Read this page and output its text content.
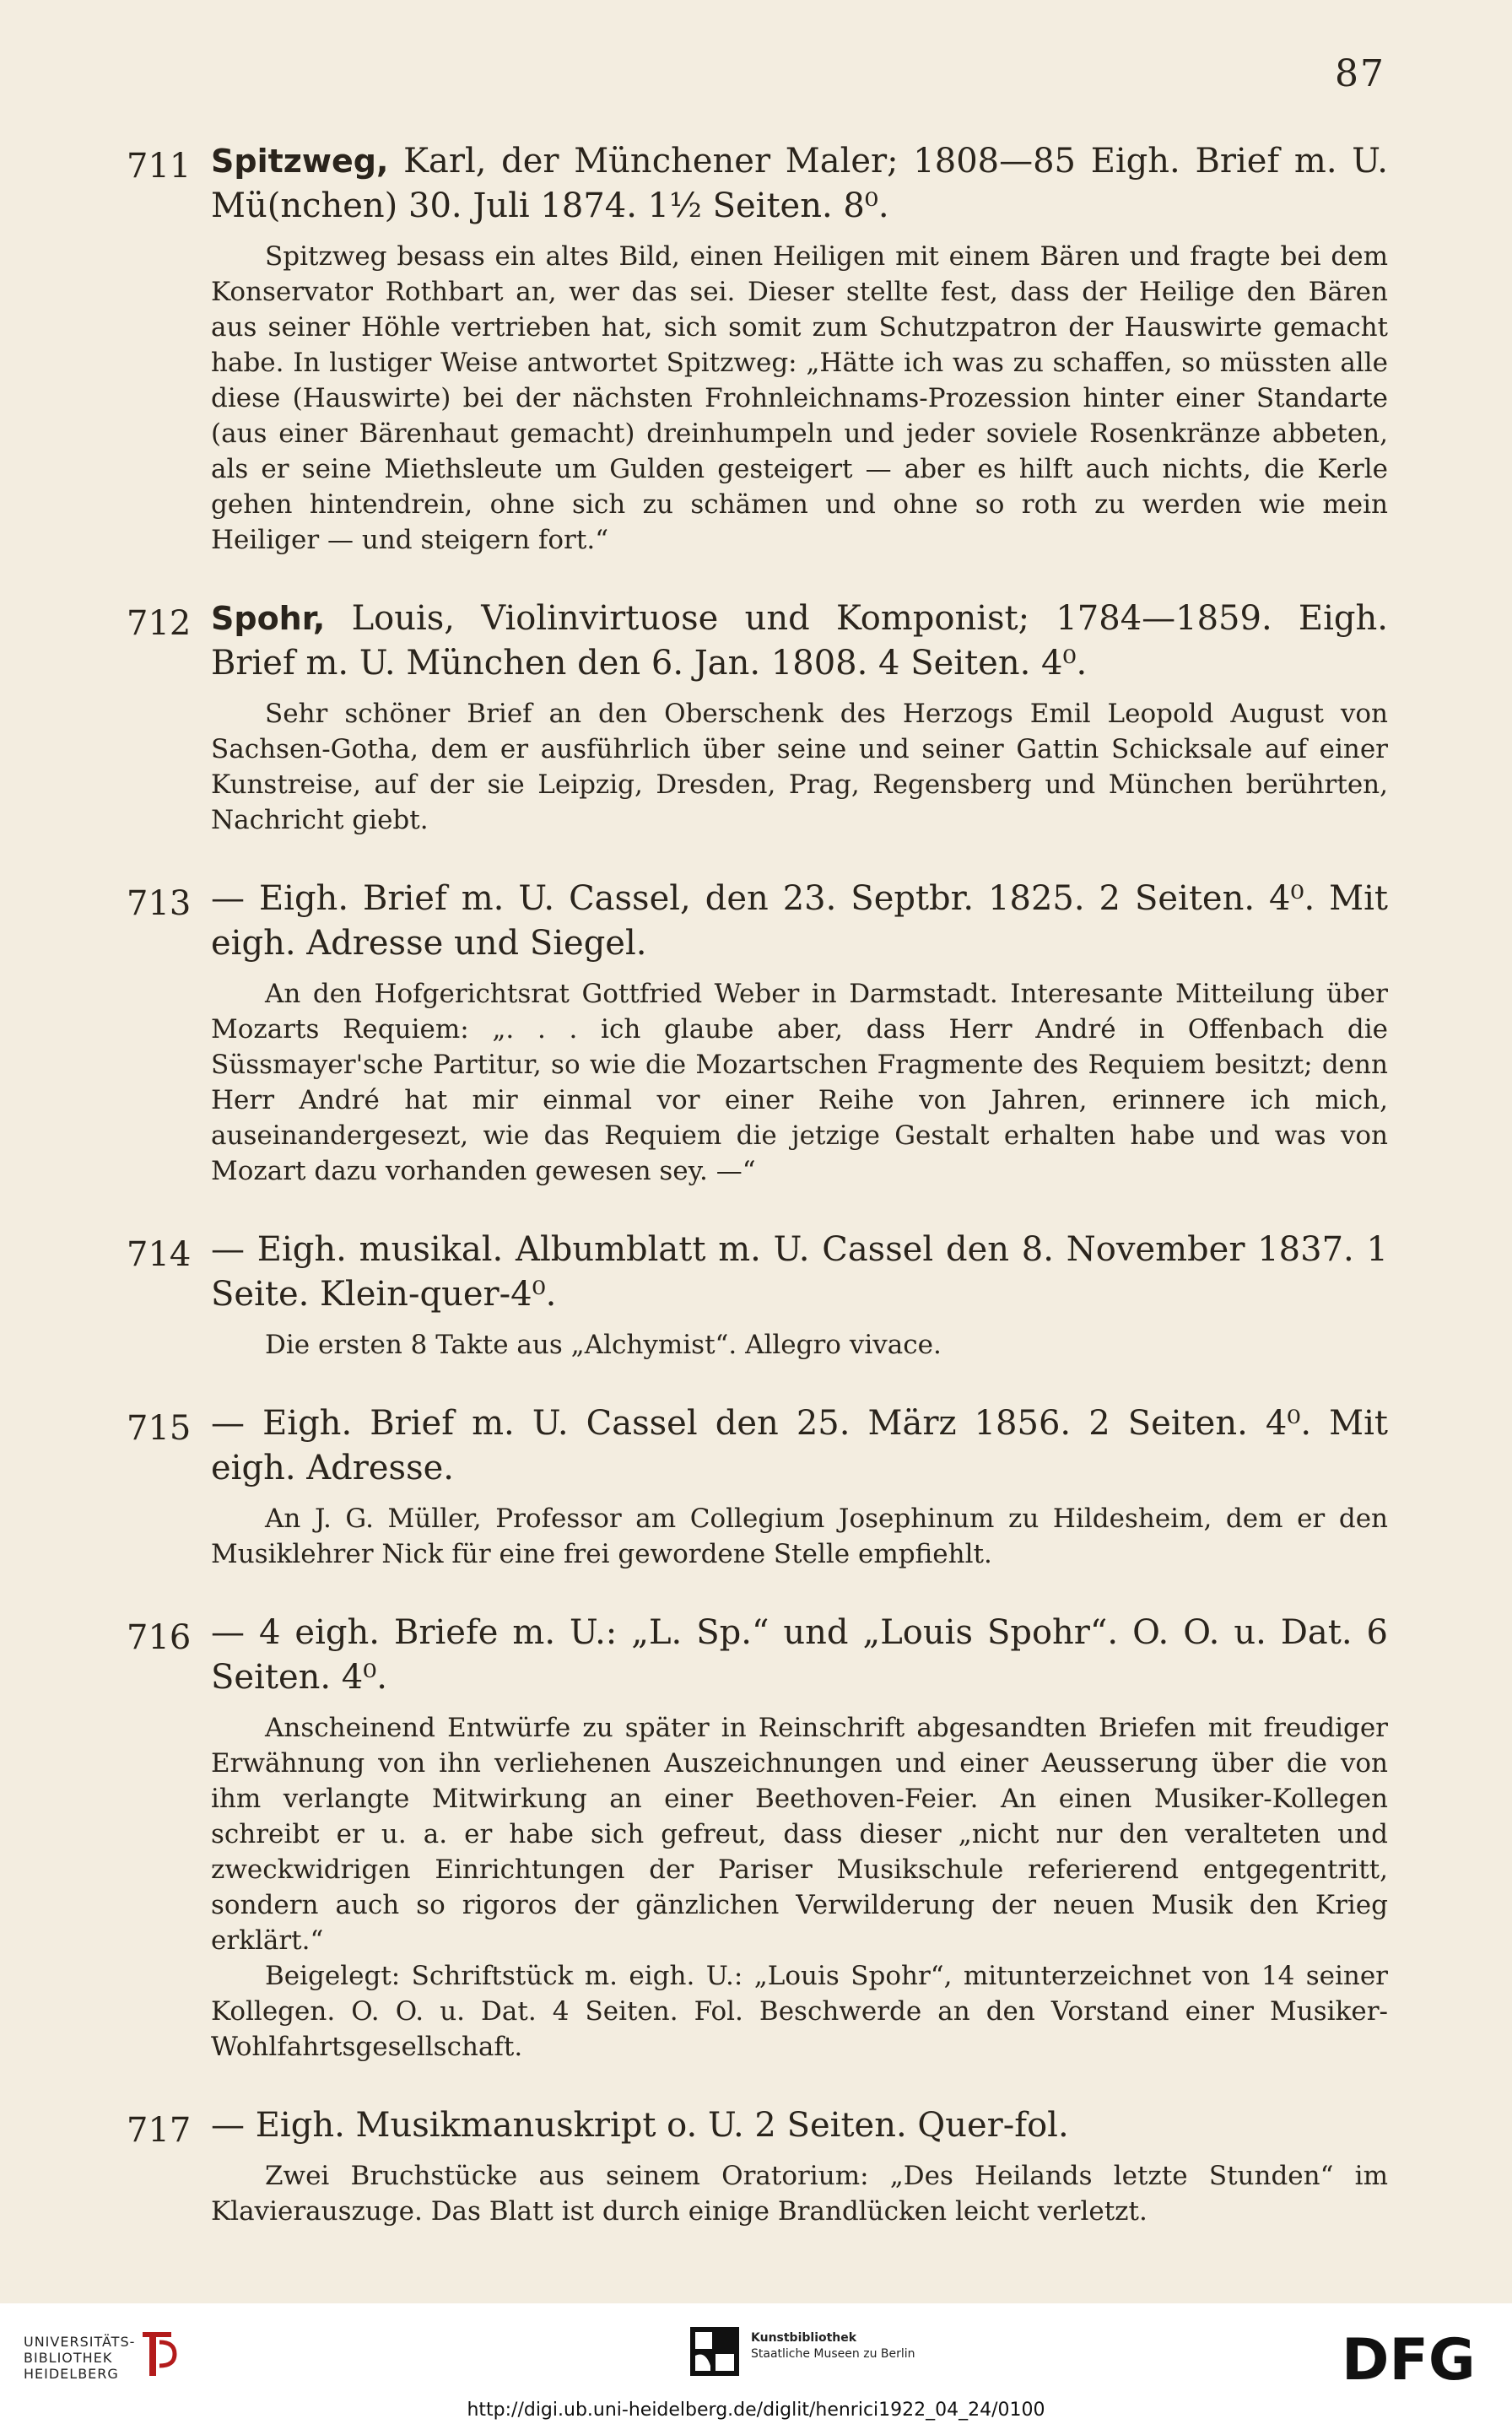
87
711 Spitzweg, Karl, der Münchener Maler; 1808—85 Eigh. Brief m. U. Mü(nchen) 30. Juli 1874. 1½ Seiten. 8⁰.

Spitzweg besass ein altes Bild, einen Heiligen mit einem Bären und fragte bei dem Konservator Rothbart an, wer das sei. Dieser stellte fest, dass der Heilige den Bären aus seiner Höhle vertrieben hat, sich somit zum Schutzpatron der Hauswirte gemacht habe. In lustiger Weise antwortet Spitzweg: „Hätte ich was zu schaffen, so müssten alle diese (Hauswirte) bei der nächsten Frohnleichnams-Prozession hinter einer Standarte (aus einer Bärenhaut gemacht) dreinhumpeln und jeder soviele Rosenkränze abbeten, als er seine Miethsleute um Gulden gesteigert — aber es hilft auch nichts, die Kerle gehen hintendrein, ohne sich zu schämen und ohne so roth zu werden wie mein Heiliger — und steigern fort.“

712 Spohr, Louis, Violinvirtuose und Komponist; 1784—1859. Eigh. Brief m. U. München den 6. Jan. 1808. 4 Seiten. 4⁰.

Sehr schöner Brief an den Oberschenk des Herzogs Emil Leopold August von Sachsen-Gotha, dem er ausführlich über seine und seiner Gattin Schicksale auf einer Kunstreise, auf der sie Leipzig, Dresden, Prag, Regensberg und München berührten, Nachricht giebt.

713 — Eigh. Brief m. U. Cassel, den 23. Septbr. 1825. 2 Seiten. 4⁰. Mit eigh. Adresse und Siegel.

An den Hofgerichtsrat Gottfried Weber in Darmstadt. Interesante Mitteilung über Mozarts Requiem: „. . . ich glaube aber, dass Herr André in Offenbach die Süssmayer'sche Partitur, so wie die Mozartschen Fragmente des Requiem besitzt; denn Herr André hat mir einmal vor einer Reihe von Jahren, erinnere ich mich, auseinandergesezt, wie das Requiem die jetzige Gestalt erhalten habe und was von Mozart dazu vorhanden gewesen sey. —“

714 — Eigh. musikal. Albumblatt m. U. Cassel den 8. November 1837. 1 Seite. Klein-quer-4⁰.

Die ersten 8 Takte aus „Alchymist“. Allegro vivace.

715 — Eigh. Brief m. U. Cassel den 25. März 1856. 2 Seiten. 4⁰. Mit eigh. Adresse.

An J. G. Müller, Professor am Collegium Josephinum zu Hildesheim, dem er den Musiklehrer Nick für eine frei gewordene Stelle empfiehlt.

716 — 4 eigh. Briefe m. U.: „L. Sp.“ und „Louis Spohr“. O. O. u. Dat. 6 Seiten. 4⁰.

Anscheinend Entwürfe zu später in Reinschrift abgesandten Briefen mit freudiger Erwähnung von ihn verliehenen Auszeichnungen und einer Aeusserung über die von ihm verlangte Mitwirkung an einer Beethoven-Feier. An einen Musiker-Kollegen schreibt er u. a. er habe sich gefreut, dass dieser „nicht nur den veralteten und zweckwidrigen Einrichtungen der Pariser Musikschule referierend entgegentritt, sondern auch so rigoros der gänzlichen Verwilderung der neuen Musik den Krieg erklärt.“

Beigelegt: Schriftstück m. eigh. U.: „Louis Spohr“, mitunterzeichnet von 14 seiner Kollegen. O. O. u. Dat. 4 Seiten. Fol. Beschwerde an den Vorstand einer Musiker-Wohlfahrtsgesellschaft.

717 — Eigh. Musikmanuskript o. U. 2 Seiten. Quer-fol.

Zwei Bruchstücke aus seinem Oratorium: „Des Heilands letzte Stunden“ im Klavierauszuge. Das Blatt ist durch einige Brandlücken leicht verletzt.

UNIVERSITÄTS-
BIBLIOTHEK
HEIDELBERG
Kunstbibliothek
Staatliche Museen zu Berlin	DFG
http://digi.ub.uni-heidelberg.de/diglit/henrici1922_04_24/0100
